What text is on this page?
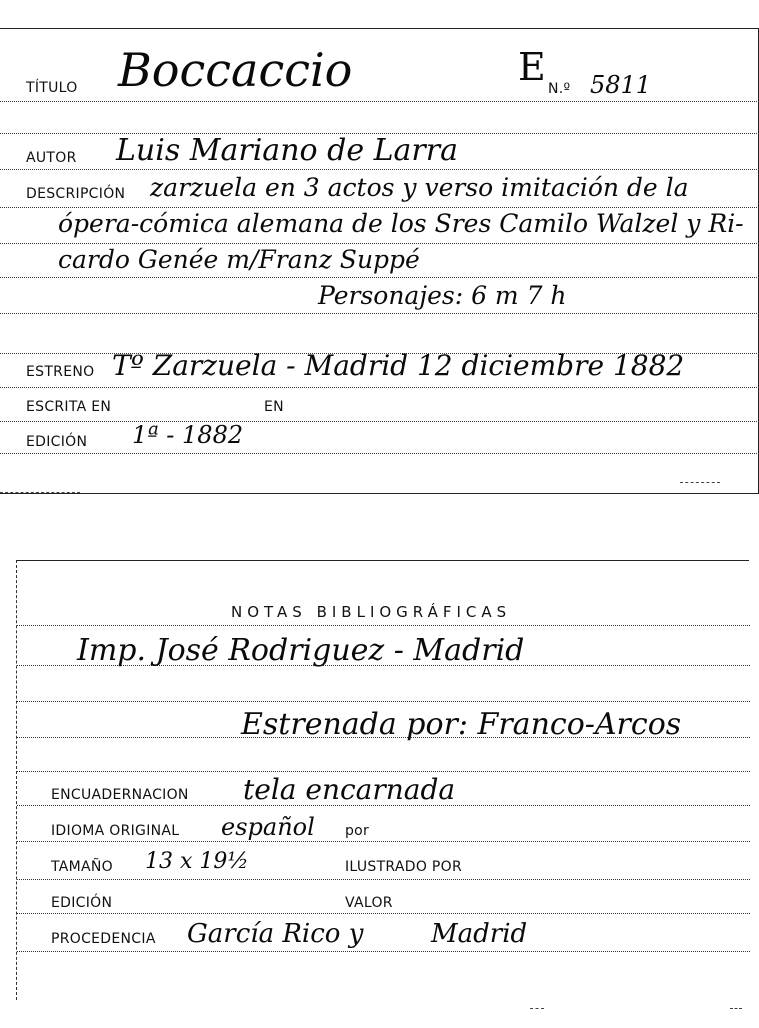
TÍTULO Boccaccio	E N.º 5811
AUTOR Luis Mariano de Larra
DESCRIPCIÓN zarzuela en 3 actos y verso imitación de la
ópera-cómica alemana de los Sres Camilo Walzel y Ri-
cardo Genée m/Franz Suppé
Personajes: 6 m 7 h
ESTRENO Tº Zarzuela - Madrid 12 diciembre 1882
ESCRITA EN	EN
EDICIÓN 1ª - 1882
NOTAS BIBLIOGRÁFICAS
Imp. José Rodriguez - Madrid
Estrenada por: Franco-Arcos
ENCUADERNACION tela encarnada
IDIOMA ORIGINAL español por
TAMAÑO 13 x 19½	ILUSTRADO POR
EDICIÓN	VALOR
PROCEDENCIA García Rico y	Madrid
